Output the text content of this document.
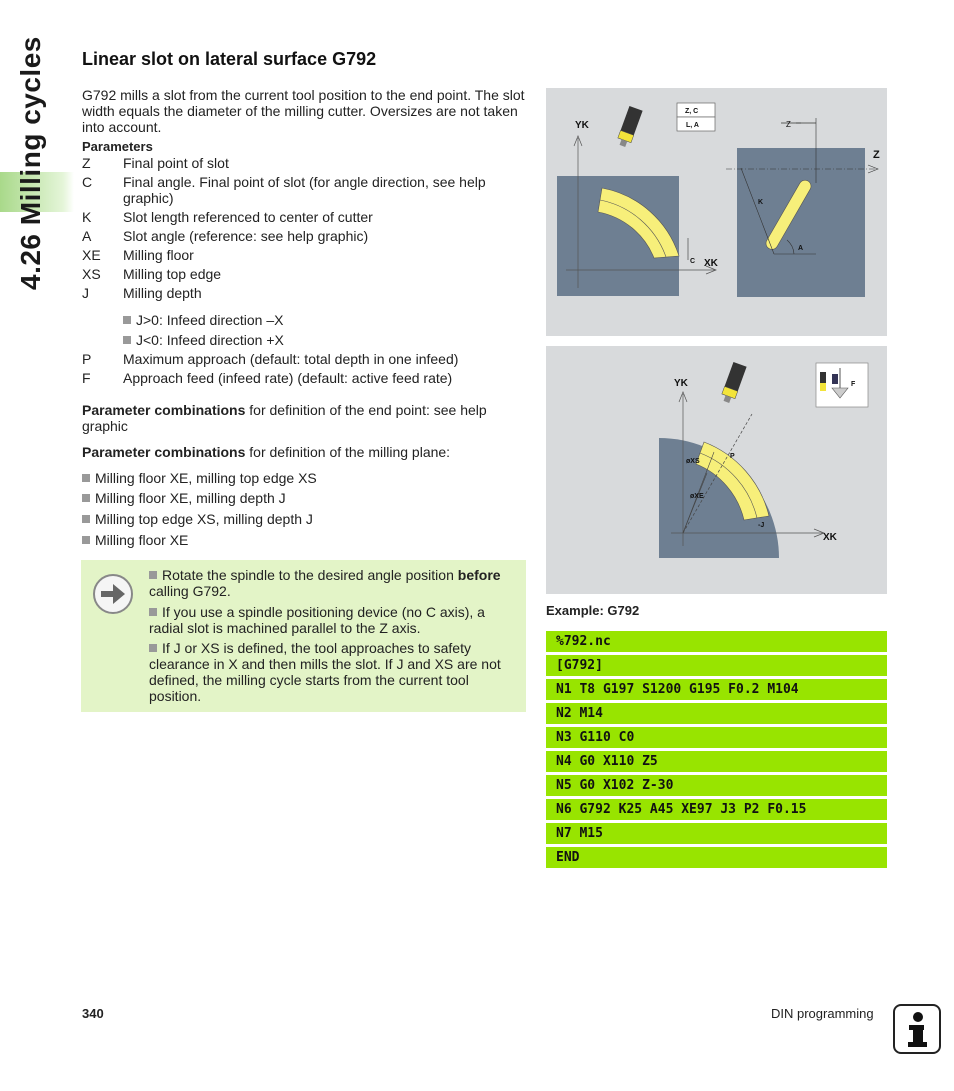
4.26 Milling cycles Linear slot on lateral surface G792
G792 mills a slot from the current tool position to the end point. The slot width equals the diameter of the milling cutter. Oversizes are not taken into account.
Parameters
Z Final point of slot
C Final angle. Final point of slot (for angle direction, see help graphic)
K Slot length referenced to center of cutter
A Slot angle (reference: see help graphic)
XE Milling floor
XS Milling top edge
J Milling depth
J>0: Infeed direction –X
J<0: Infeed direction +X
P Maximum approach (default: total depth in one infeed)
F Approach feed (infeed rate) (default: active feed rate)
Parameter combinations for definition of the end point: see help graphic
Parameter combinations for definition of the milling plane:
Milling floor XE, milling top edge XS
Milling floor XE, milling depth J
Milling top edge XS, milling depth J
Milling floor XE
Rotate the spindle to the desired angle position before calling G792.
If you use a spindle positioning device (no C axis), a radial slot is machined parallel to the Z axis.
If J or XS is defined, the tool approaches to safety clearance in X and then mills the slot. If J and XS are not defined, the milling cycle starts from the current tool position.
YK
XK
Z
Z
Z, C
L, A
C
K
A
YK
XK
øXS
øXE
P
-J
F
Example: G792
%792.nc
[G792]
N1 T8 G197 S1200 G195 F0.2 M104
N2 M14
N3 G110 C0
N4 G0 X110 Z5
N5 G0 X102 Z-30
N6 G792 K25 A45 XE97 J3 P2 F0.15
N7 M15
END
340	DIN programming
